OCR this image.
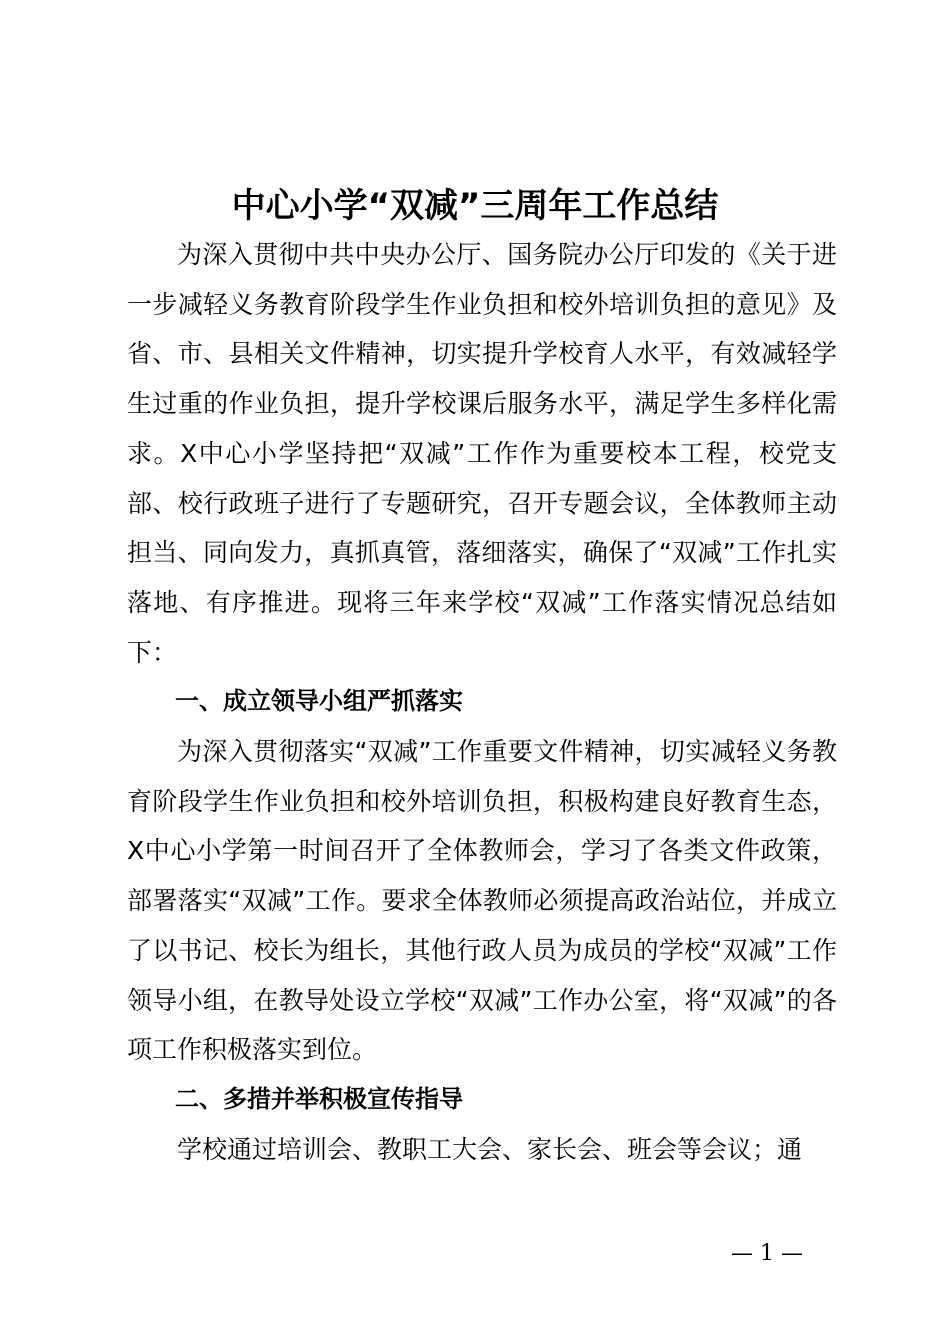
中心小学“双减”三周年工作总结

为深入贯彻中共中央办公厅、国务院办公厅印发的《关于进一步减轻义务教育阶段学生作业负担和校外培训负担的意见》及省、市、县相关文件精神，切实提升学校育人水平，有效减轻学生过重的作业负担，提升学校课后服务水平，满足学生多样化需求。X中心小学坚持把“双减”工作作为重要校本工程，校党支部、校行政班子进行了专题研究，召开专题会议，全体教师主动担当、同向发力，真抓真管，落细落实，确保了“双减”工作扎实落地、有序推进。现将三年来学校“双减”工作落实情况总结如下：

一、成立领导小组严抓落实

为深入贯彻落实“双减”工作重要文件精神，切实减轻义务教育阶段学生作业负担和校外培训负担，积极构建良好教育生态，X中心小学第一时间召开了全体教师会，学习了各类文件政策，部署落实“双减”工作。要求全体教师必须提高政治站位，并成立了以书记、校长为组长，其他行政人员为成员的学校“双减”工作领导小组，在教导处设立学校“双减”工作办公室，将“双减”的各项工作积极落实到位。

二、多措并举积极宣传指导

学校通过培训会、教职工大会、家长会、班会等会议；通

— 1 —
